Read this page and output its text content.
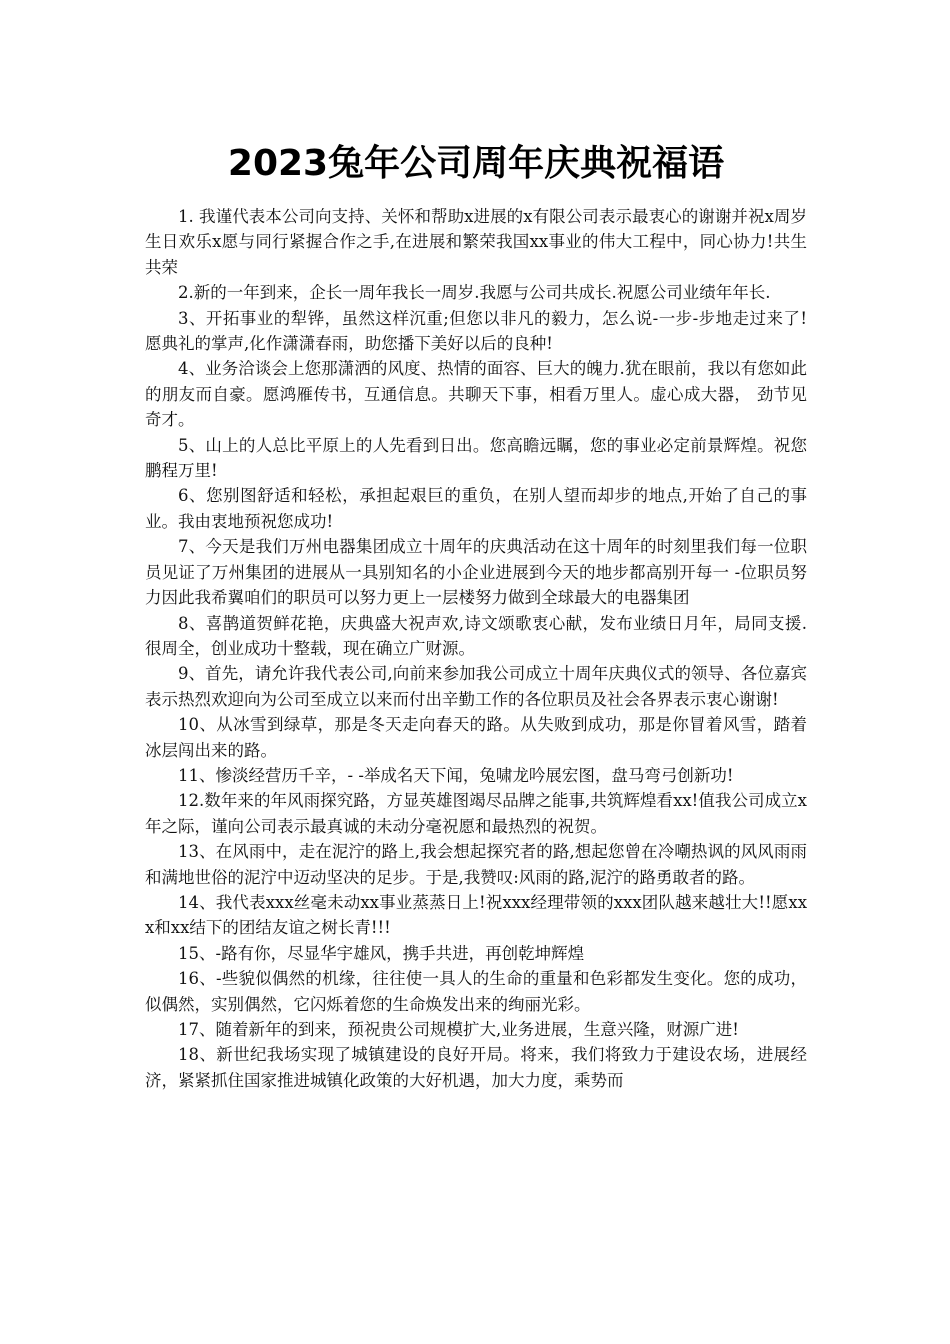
2023兔年公司周年庆典祝福语

1. 我谨代表本公司向支持、关怀和帮助x进展的x有限公司表示最衷心的谢谢并祝x周岁生日欢乐x愿与同行紧握合作之手,在进展和繁荣我国xx事业的伟大工程中，同心协力!共生共荣

2.新的一年到来，企长一周年我长一周岁.我愿与公司共成长.祝愿公司业绩年年长.

3、开拓事业的犁铧，虽然这样沉重;但您以非凡的毅力，怎么说-一步-步地走过来了! 愿典礼的掌声,化作潇潇春雨，助您播下美好以后的良种!

4、业务洽谈会上您那潇洒的风度、热情的面容、巨大的魄力.犹在眼前，我以有您如此的朋友而自豪。愿鸿雁传书，互通信息。共聊天下事，相看万里人。虚心成大器， 劲节见奇才。

5、山上的人总比平原上的人先看到日出。您高瞻远瞩，您的事业必定前景辉煌。祝您鹏程万里!

6、您别图舒适和轻松，承担起艰巨的重负，在别人望而却步的地点,开始了自己的事业。我由衷地预祝您成功!

7、今天是我们万州电器集团成立十周年的庆典活动在这十周年的时刻里我们每一位职员见证了万州集团的进展从一具别知名的小企业进展到今天的地步都高别开每一 -位职员努力因此我希翼咱们的职员可以努力更上一层楼努力做到全球最大的电器集团

8、喜鹊道贺鲜花艳，庆典盛大祝声欢,诗文颂歌衷心献，发布业绩日月年，局同支援.很周全，创业成功十整载，现在确立广财源。

9、首先，请允许我代表公司,向前来参加我公司成立十周年庆典仪式的领导、各位嘉宾表示热烈欢迎向为公司至成立以来而付出辛勤工作的各位职员及社会各界表示衷心谢谢!

10、从冰雪到绿草，那是冬天走向春天的路。从失败到成功，那是你冒着风雪，踏着冰层闯出来的路。

11、惨淡经营历千辛，- -举成名天下闻，兔啸龙吟展宏图，盘马弯弓创新功!

12.数年来的年风雨探究路，方显英雄图竭尽品牌之能事,共筑辉煌看xx!值我公司成立x年之际，谨向公司表示最真诚的未动分毫祝愿和最热烈的祝贺。

13、在风雨中，走在泥泞的路上,我会想起探究者的路,想起您曾在冷嘲热讽的风风雨雨和满地世俗的泥泞中迈动坚决的足步。于是,我赞叹:风雨的路,泥泞的路勇敢者的路。

14、我代表xxx丝毫未动xx事业蒸蒸日上!祝xxx经理带领的xxx团队越来越壮大!!愿xxx和xx结下的团结友谊之树长青!!!

15、-路有你，尽显华宇雄风，携手共进，再创乾坤辉煌

16、-些貌似偶然的机缘，往往使一具人的生命的重量和色彩都发生变化。您的成功，似偶然，实别偶然，它闪烁着您的生命焕发出来的绚丽光彩。

17、随着新年的到来，预祝贵公司规模扩大,业务进展，生意兴隆，财源广进!

18、新世纪我场实现了城镇建设的良好开局。将来，我们将致力于建设农场，进展经济，紧紧抓住国家推进城镇化政策的大好机遇，加大力度，乘势而
